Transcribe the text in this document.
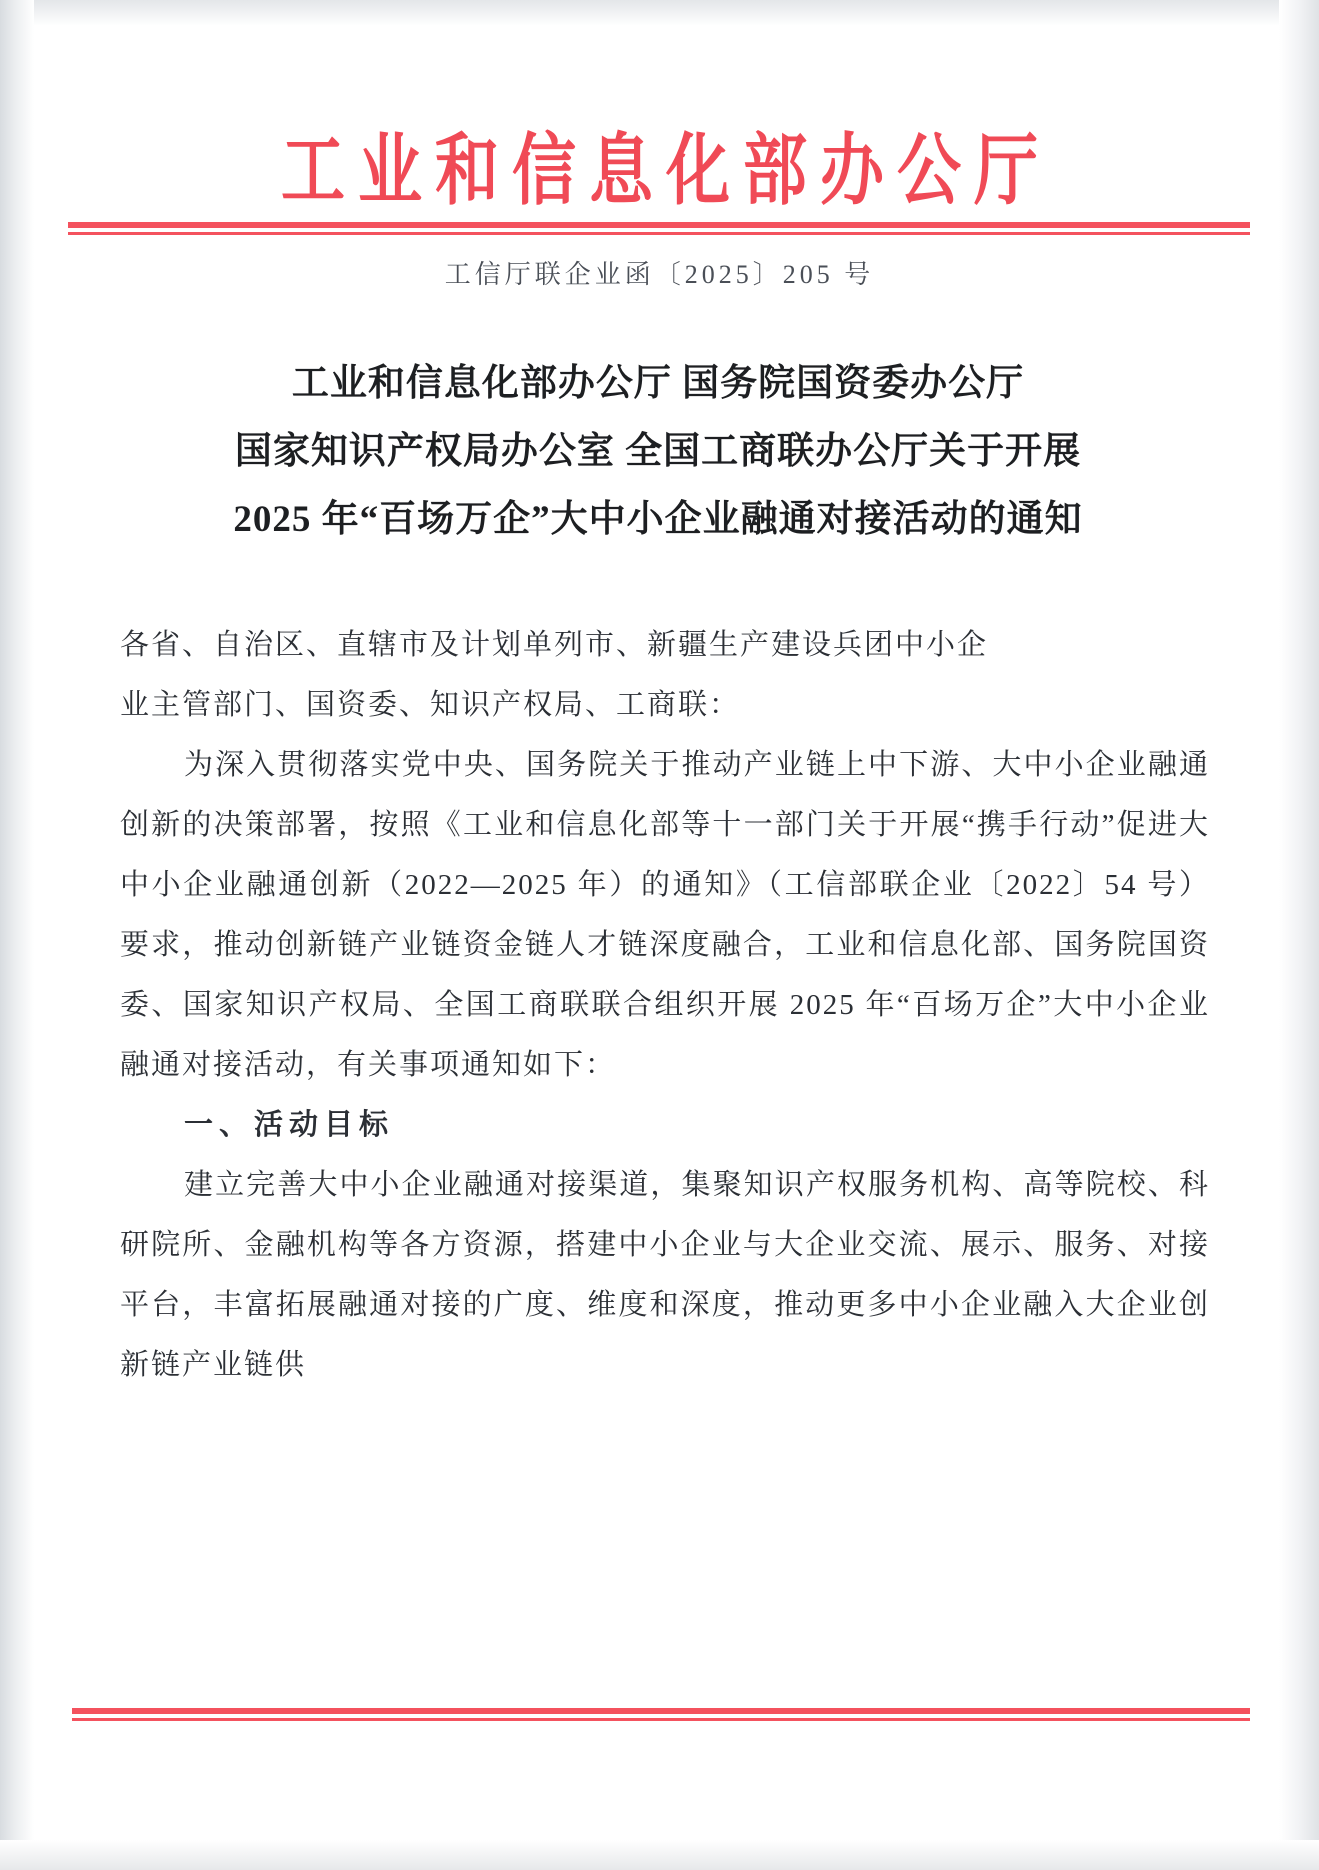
工业和信息化部办公厅
工信厅联企业函〔2025〕205 号
工业和信息化部办公厅 国务院国资委办公厅
国家知识产权局办公室 全国工商联办公厅关于开展
2025 年“百场万企”大中小企业融通对接活动的通知

各省、自治区、直辖市及计划单列市、新疆生产建设兵团中小企

业主管部门、国资委、知识产权局、工商联：

为深入贯彻落实党中央、国务院关于推动产业链上中下游、大中小企业融通创新的决策部署，按照《工业和信息化部等十一部门关于开展“携手行动”促进大中小企业融通创新（2022—2025 年）的通知》（工信部联企业〔2022〕54 号）要求，推动创新链产业链资金链人才链深度融合，工业和信息化部、国务院国资委、国家知识产权局、全国工商联联合组织开展 2025 年“百场万企”大中小企业融通对接活动，有关事项通知如下：

一、活动目标

建立完善大中小企业融通对接渠道，集聚知识产权服务机构、高等院校、科研院所、金融机构等各方资源，搭建中小企业与大企业交流、展示、服务、对接平台，丰富拓展融通对接的广度、维度和深度，推动更多中小企业融入大企业创新链产业链供
